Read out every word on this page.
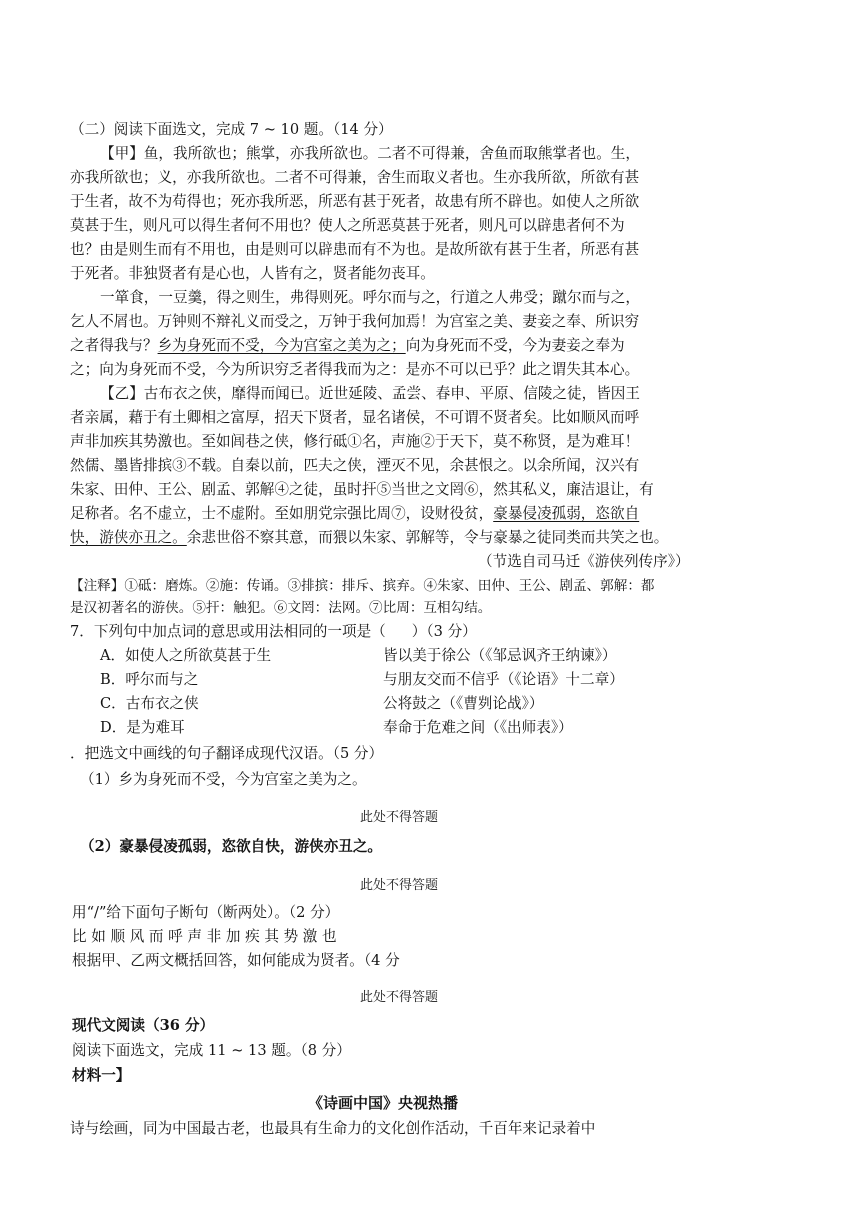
（二）阅读下面选文，完成 7 ~ 10 题。（14 分）
【甲】鱼，我所欲也；熊掌，亦我所欲也。二者不可得兼，舍鱼而取熊掌者也。生，
亦我所欲也；义，亦我所欲也。二者不可得兼，舍生而取义者也。生亦我所欲，所欲有甚
于生者，故不为苟得也；死亦我所恶，所恶有甚于死者，故患有所不辟也。如使人之所欲
莫甚于生，则凡可以得生者何不用也？使人之所恶莫甚于死者，则凡可以辟患者何不为
也？由是则生而有不用也，由是则可以辟患而有不为也。是故所欲有甚于生者，所恶有甚
于死者。非独贤者有是心也，人皆有之，贤者能勿丧耳。
一箪食，一豆羹，得之则生，弗得则死。呼尔而与之，行道之人弗受；蹴尔而与之，
乞人不屑也。万钟则不辩礼义而受之，万钟于我何加焉！为宫室之美、妻妾之奉、所识穷
之者得我与？乡为身死而不受，今为宫室之美为之；向为身死而不受，今为妻妾之奉为
之；向为身死而不受，今为所识穷乏者得我而为之：是亦不可以已乎？此之谓失其本心。
【乙】古布衣之侠，靡得而闻已。近世延陵、孟尝、春申、平原、信陵之徒，皆因王
者亲属，藉于有土卿相之富厚，招天下贤者，显名诸侯，不可谓不贤者矣。比如顺风而呼
声非加疾其势激也。至如闾巷之侠，修行砥①名，声施②于天下，莫不称贤，是为难耳！
然儒、墨皆排摈③不载。自秦以前，匹夫之侠，湮灭不见，余甚恨之。以余所闻，汉兴有
朱家、田仲、王公、剧孟、郭解④之徒，虽时扞⑤当世之文罔⑥，然其私义，廉洁退让，有
足称者。名不虚立，士不虚附。至如朋党宗强比周⑦，设财役贫，豪暴侵凌孤弱，恣欲自
快，游侠亦丑之。余悲世俗不察其意，而猥以朱家、郭解等，令与豪暴之徒同类而共笑之也。
（节选自司马迁《游侠列传序》）
【注释】①砥：磨炼。②施：传诵。③排摈：排斥、摈弃。④朱家、田仲、王公、剧孟、郭解：都
是汉初著名的游侠。⑤扞：触犯。⑥文罔：法网。⑦比周：互相勾结。
7．下列句中加点词的意思或用法相同的一项是（ ）（3 分）
A．如使人之所欲莫甚于生	皆以美于徐公（《邹忌讽齐王纳谏》）
B．呼尔而与之	与朋友交而不信乎（《论语》十二章）
C．古布衣之侠	公将鼓之（《曹刿论战》）
D．是为难耳	奉命于危难之间（《出师表》）
．把选文中画线的句子翻译成现代汉语。（5 分）
（1）乡为身死而不受，今为宫室之美为之。
此处不得答题
（2）豪暴侵凌孤弱，恣欲自快，游侠亦丑之。
此处不得答题
用“/”给下面句子断句（断两处）。（2 分）
比 如 顺 风 而 呼 声 非 加 疾 其 势 激 也
根据甲、乙两文概括回答，如何能成为贤者。（4 分
此处不得答题
现代文阅读（36 分）
阅读下面选文，完成 11 ~ 13 题。（8 分）
材料一】
《诗画中国》央视热播
诗与绘画，同为中国最古老，也最具有生命力的文化创作活动，千百年来记录着中
